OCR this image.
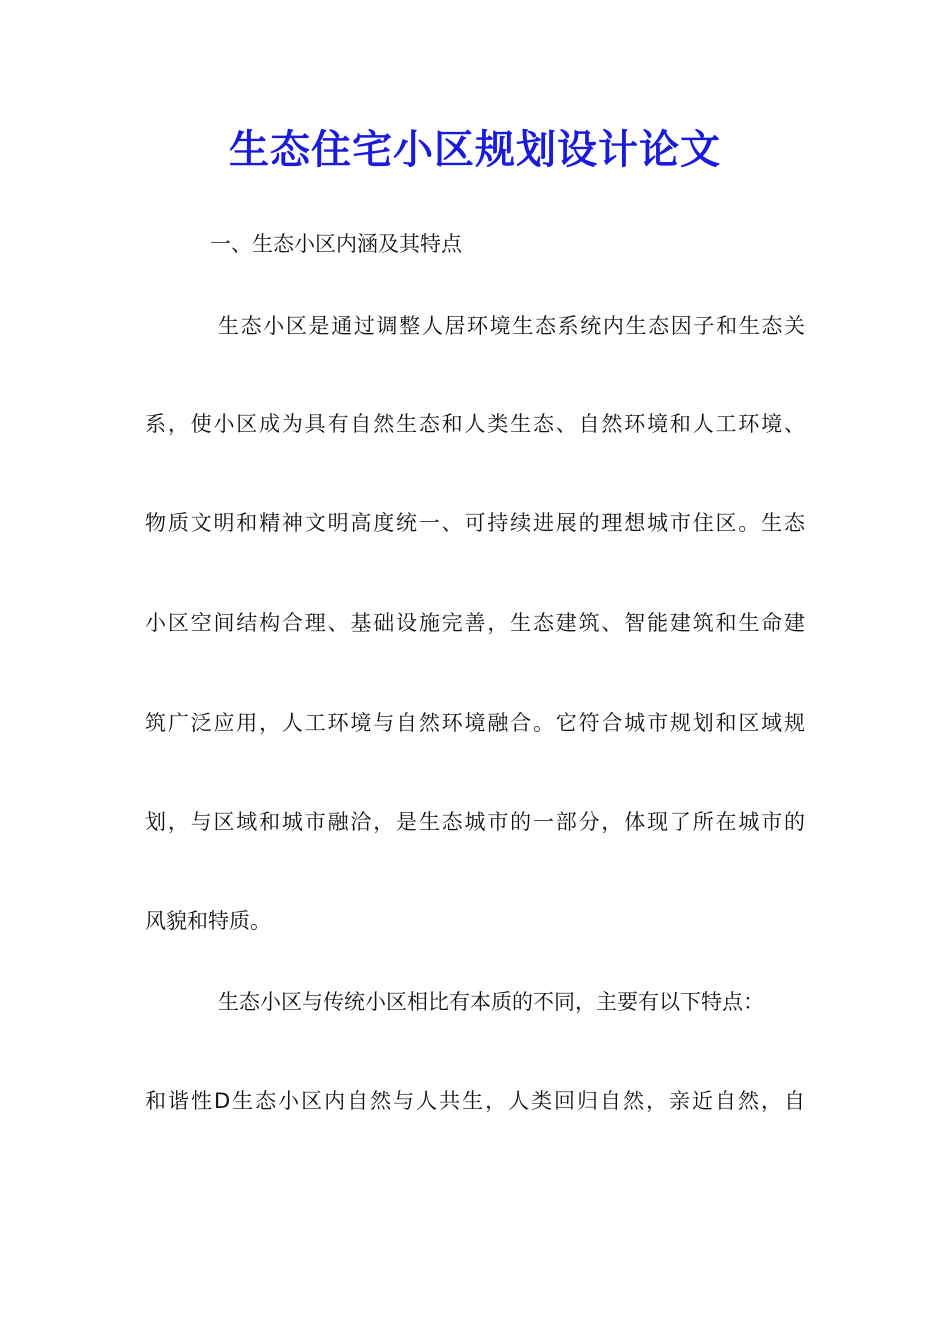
生态住宅小区规划设计论文
一、生态小区内涵及其特点
生态小区是通过调整人居环境生态系统内生态因子和生态关
系，使小区成为具有自然生态和人类生态、自然环境和人工环境、
物质文明和精神文明高度统一、可持续进展的理想城市住区。生态
小区空间结构合理、基础设施完善，生态建筑、智能建筑和生命建
筑广泛应用，人工环境与自然环境融合。它符合城市规划和区域规
划，与区域和城市融洽，是生态城市的一部分，体现了所在城市的
风貌和特质。
生态小区与传统小区相比有本质的不同，主要有以下特点：
和谐性D生态小区内自然与人共生，人类回归自然，亲近自然，自
